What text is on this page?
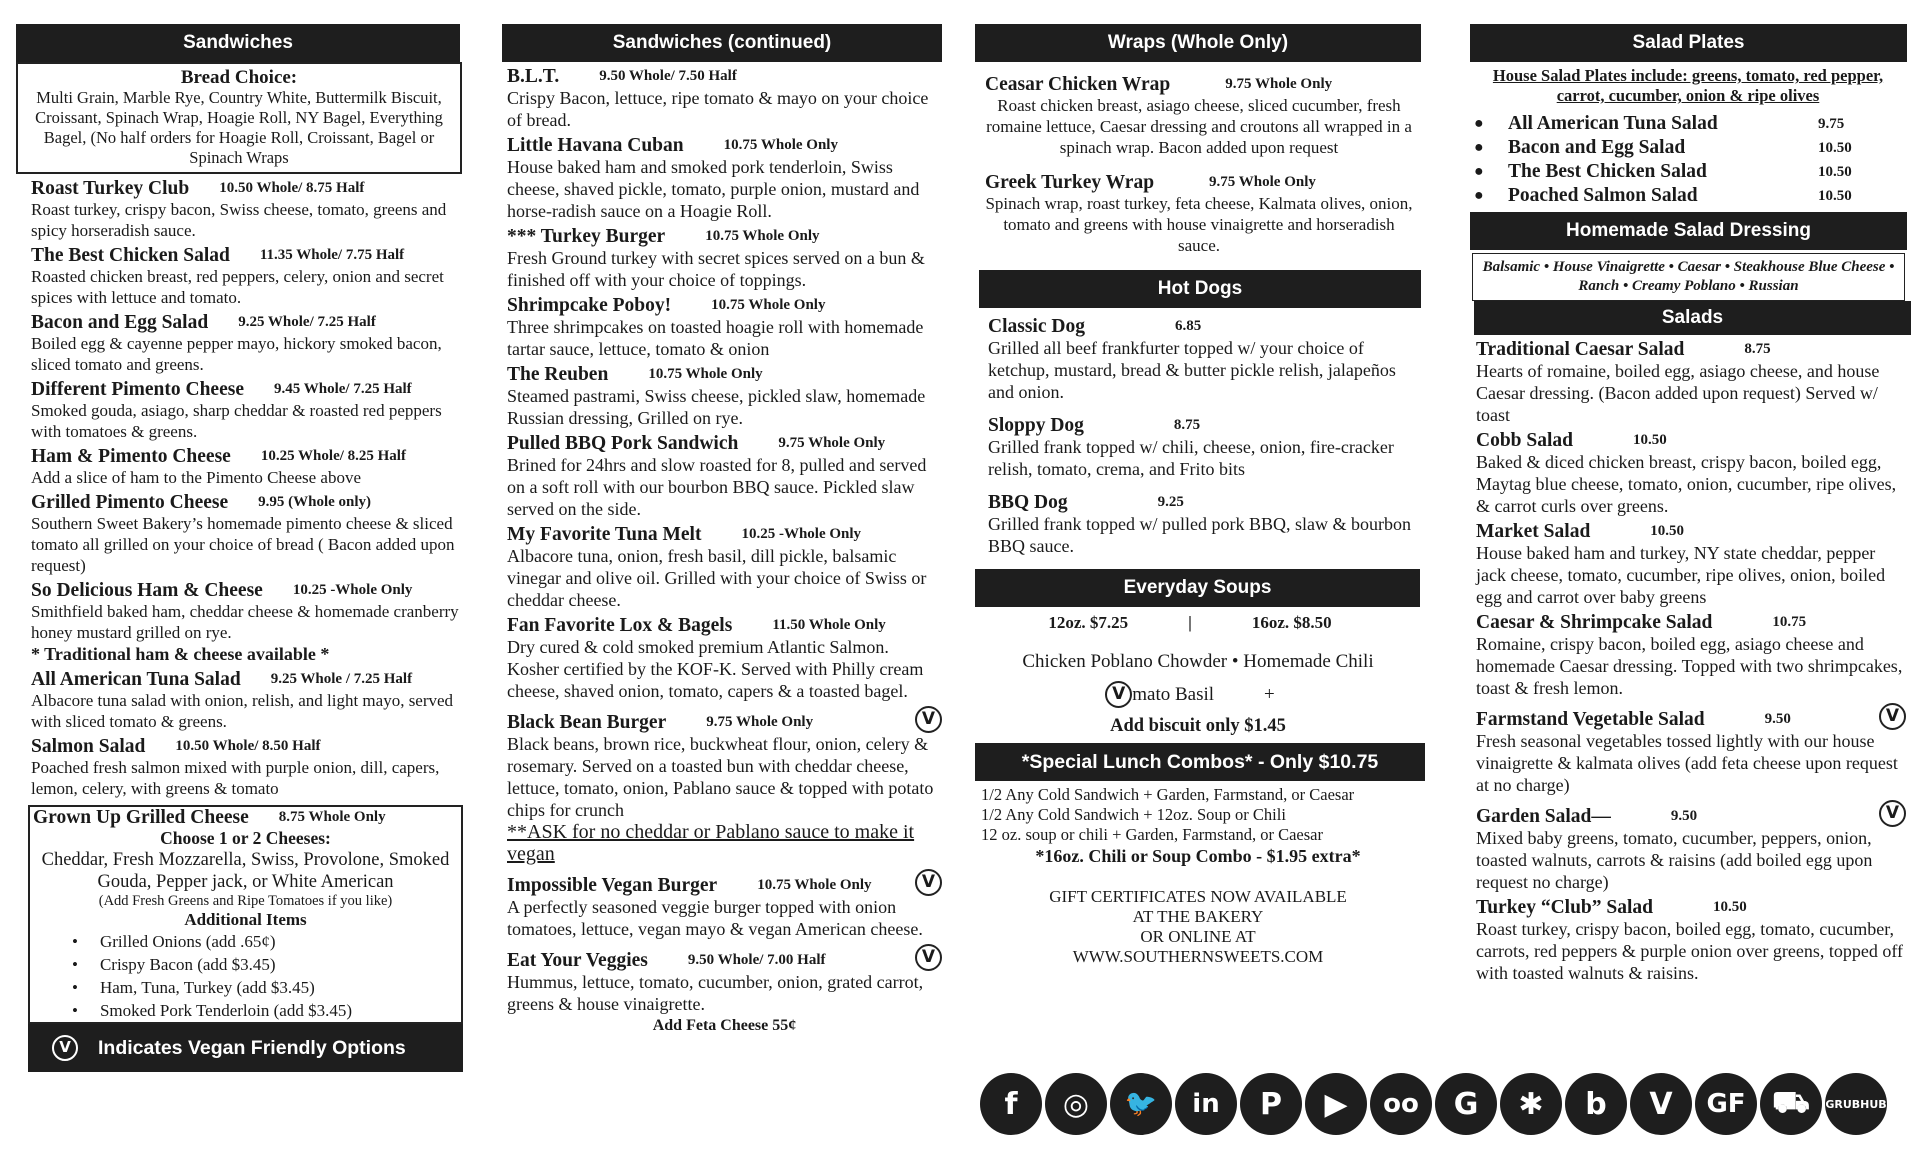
Sandwiches
Bread Choice:
Multi Grain, Marble Rye, Country White, Buttermilk Biscuit, Croissant, Spinach Wrap, Hoagie Roll, NY Bagel, Everything Bagel, (No half orders for Hoagie Roll, Croissant, Bagel or Spinach Wraps
Roast Turkey Club 10.50 Whole/ 8.75 Half
Roast turkey, crispy bacon, Swiss cheese, tomato, greens and spicy horseradish sauce.
The Best Chicken Salad 11.35 Whole/ 7.75 Half
Roasted chicken breast, red peppers, celery, onion and secret spices with lettuce and tomato.
Bacon and Egg Salad 9.25 Whole/ 7.25 Half
Boiled egg & cayenne pepper mayo, hickory smoked bacon, sliced tomato and greens.
Different Pimento Cheese 9.45 Whole/ 7.25 Half
Smoked gouda, asiago, sharp cheddar & roasted red peppers with tomatoes & greens.
Ham & Pimento Cheese 10.25 Whole/ 8.25 Half
Add a slice of ham to the Pimento Cheese above
Grilled Pimento Cheese 9.95 (Whole only)
Southern Sweet Bakery’s homemade pimento cheese & sliced tomato all grilled on your choice of bread ( Bacon added upon request)
So Delicious Ham & Cheese 10.25 -Whole Only
Smithfield baked ham, cheddar cheese & homemade cranberry honey mustard grilled on rye.
* Traditional ham & cheese available *
All American Tuna Salad 9.25 Whole / 7.25 Half
Albacore tuna salad with onion, relish, and light mayo, served with sliced tomato & greens.
Salmon Salad 10.50 Whole/ 8.50 Half
Poached fresh salmon mixed with purple onion, dill, capers, lemon, celery, with greens & tomato
Grown Up Grilled Cheese 8.75 Whole Only
Choose 1 or 2 Cheeses:
Cheddar, Fresh Mozzarella, Swiss, Provolone, Smoked Gouda, Pepper jack, or White American
(Add Fresh Greens and Ripe Tomatoes if you like)
Additional Items
• Grilled Onions (add .65¢)
• Crispy Bacon (add $3.45)
• Ham, Tuna, Turkey (add $3.45)
• Smoked Pork Tenderloin (add $3.45)
V	Indicates Vegan Friendly Options
Sandwiches (continued)
B.L.T.	9.50 Whole/ 7.50 Half
Crispy Bacon, lettuce, ripe tomato & mayo on your choice of bread.
Little Havana Cuban	10.75 Whole Only
House baked ham and smoked pork tenderloin, Swiss cheese, shaved pickle, tomato, purple onion, mustard and horse-radish sauce on a Hoagie Roll.
*** Turkey Burger	10.75 Whole Only
Fresh Ground turkey with secret spices served on a bun & finished off with your choice of toppings.
Shrimpcake Poboy!	10.75 Whole Only
Three shrimpcakes on toasted hoagie roll with homemade tartar sauce, lettuce, tomato & onion
The Reuben	10.75 Whole Only
Steamed pastrami, Swiss cheese, pickled slaw, homemade Russian dressing, Grilled on rye.
Pulled BBQ Pork Sandwich	9.75 Whole Only
Brined for 24hrs and slow roasted for 8, pulled and served on a soft roll with our bourbon BBQ sauce. Pickled slaw served on the side.
My Favorite Tuna Melt	10.25 -Whole Only
Albacore tuna, onion, fresh basil, dill pickle, balsamic vinegar and olive oil. Grilled with your choice of Swiss or cheddar cheese.
Fan Favorite Lox & Bagels	11.50 Whole Only
Dry cured & cold smoked premium Atlantic Salmon. Kosher certified by the KOF-K. Served with Philly cream cheese, shaved onion, tomato, capers & a toasted bagel.
Black Bean Burger	9.75 Whole Only	V
Black beans, brown rice, buckwheat flour, onion, celery & rosemary. Served on a toasted bun with cheddar cheese, lettuce, tomato, onion, Pablano sauce & topped with potato chips for crunch
**ASK for no cheddar or Pablano sauce to make it vegan
Impossible Vegan Burger	10.75 Whole Only	V
A perfectly seasoned veggie burger topped with onion tomatoes, lettuce, vegan mayo & vegan American cheese.
Eat Your Veggies	9.50 Whole/ 7.00 Half	V
Hummus, lettuce, tomato, cucumber, onion, grated carrot, greens & house vinaigrette.
Add Feta Cheese 55¢
Wraps (Whole Only)
Ceasar Chicken Wrap	9.75 Whole Only
Roast chicken breast, asiago cheese, sliced cucumber, fresh romaine lettuce, Caesar dressing and croutons all wrapped in a spinach wrap. Bacon added upon request
Greek Turkey Wrap	9.75 Whole Only
Spinach wrap, roast turkey, feta cheese, Kalmata olives, onion, tomato and greens with house vinaigrette and horseradish sauce.
Hot Dogs
Classic Dog	6.85
Grilled all beef frankfurter topped w/ your choice of ketchup, mustard, bread & butter pickle relish, jalapeños and onion.
Sloppy Dog	8.75
Grilled frank topped w/ chili, cheese, onion, fire-cracker relish, tomato, crema, and Frito bits
BBQ Dog	9.25
Grilled frank topped w/ pulled pork BBQ, slaw & bourbon BBQ sauce.
Everyday Soups
12oz. $7.25	|	16oz. $8.50
Chicken Poblano Chowder • Homemade Chili
V mato Basil	+
Add biscuit only $1.45
*Special Lunch Combos* - Only $10.75
1/2 Any Cold Sandwich + Garden, Farmstand, or Caesar
1/2 Any Cold Sandwich + 12oz. Soup or Chili
12 oz. soup or chili + Garden, Farmstand, or Caesar
*16oz. Chili or Soup Combo - $1.95 extra*
GIFT CERTIFICATES NOW AVAILABLE
AT THE BAKERY
OR ONLINE AT
WWW.SOUTHERNSWEETS.COM
f	◎	🐦	in	P	▶	oo	G	✱	b	V	GF ⛟	GRUBHUB
Salad Plates
House Salad Plates include: greens, tomato, red pepper, carrot, cucumber, onion & ripe olives
●	All American Tuna Salad	9.75
●	Bacon and Egg Salad	10.50
●	The Best Chicken Salad	10.50
●	Poached Salmon Salad	10.50
Homemade Salad Dressing
Balsamic • House Vinaigrette • Caesar • Steakhouse Blue Cheese • Ranch • Creamy Poblano • Russian
Salads
Traditional Caesar Salad	8.75
Hearts of romaine, boiled egg, asiago cheese, and house Caesar dressing. (Bacon added upon request) Served w/ toast
Cobb Salad	10.50
Baked & diced chicken breast, crispy bacon, boiled egg, Maytag blue cheese, tomato, onion, cucumber, ripe olives, & carrot curls over greens.
Market Salad	10.50
House baked ham and turkey, NY state cheddar, pepper jack cheese, tomato, cucumber, ripe olives, onion, boiled egg and carrot over baby greens
Caesar & Shrimpcake Salad	10.75
Romaine, crispy bacon, boiled egg, asiago cheese and homemade Caesar dressing. Topped with two shrimpcakes, toast & fresh lemon.
Farmstand Vegetable Salad	9.50	V
Fresh seasonal vegetables tossed lightly with our house vinaigrette & kalmata olives (add feta cheese upon request at no charge)
Garden Salad—	9.50	V
Mixed baby greens, tomato, cucumber, peppers, onion, toasted walnuts, carrots & raisins (add boiled egg upon request no charge)
Turkey “Club” Salad	10.50
Roast turkey, crispy bacon, boiled egg, tomato, cucumber, carrots, red peppers & purple onion over greens, topped off with toasted walnuts & raisins.
